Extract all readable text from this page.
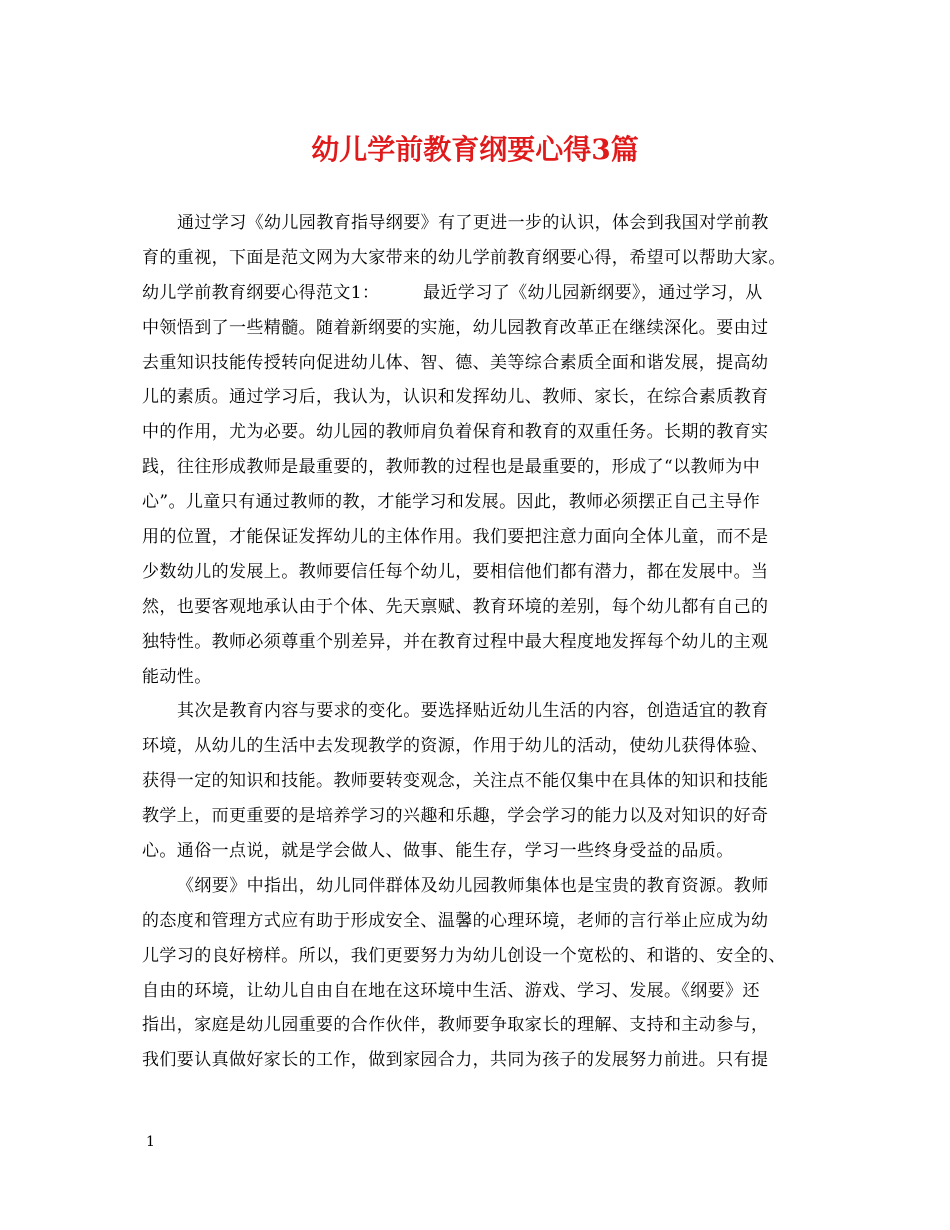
幼儿学前教育纲要心得3篇
通过学习《幼儿园教育指导纲要》有了更进一步的认识，体会到我国对学前教
育的重视，下面是范文网为大家带来的幼儿学前教育纲要心得，希望可以帮助大家。
幼儿学前教育纲要心得范文1：　　　最近学习了《幼儿园新纲要》，通过学习，从
中领悟到了一些精髓。随着新纲要的实施，幼儿园教育改革正在继续深化。要由过
去重知识技能传授转向促进幼儿体、智、德、美等综合素质全面和谐发展，提高幼
儿的素质。通过学习后，我认为，认识和发挥幼儿、教师、家长，在综合素质教育
中的作用，尤为必要。幼儿园的教师肩负着保育和教育的双重任务。长期的教育实
践，往往形成教师是最重要的，教师教的过程也是最重要的，形成了“以教师为中
心”。儿童只有通过教师的教，才能学习和发展。因此，教师必须摆正自己主导作
用的位置，才能保证发挥幼儿的主体作用。我们要把注意力面向全体儿童，而不是
少数幼儿的发展上。教师要信任每个幼儿，要相信他们都有潜力，都在发展中。当
然，也要客观地承认由于个体、先天禀赋、教育环境的差别，每个幼儿都有自己的
独特性。教师必须尊重个别差异，并在教育过程中最大程度地发挥每个幼儿的主观
能动性。
其次是教育内容与要求的变化。要选择贴近幼儿生活的内容，创造适宜的教育
环境，从幼儿的生活中去发现教学的资源，作用于幼儿的活动，使幼儿获得体验、
获得一定的知识和技能。教师要转变观念，关注点不能仅集中在具体的知识和技能
教学上，而更重要的是培养学习的兴趣和乐趣，学会学习的能力以及对知识的好奇
心。通俗一点说，就是学会做人、做事、能生存，学习一些终身受益的品质。
《纲要》中指出，幼儿同伴群体及幼儿园教师集体也是宝贵的教育资源。教师
的态度和管理方式应有助于形成安全、温馨的心理环境，老师的言行举止应成为幼
儿学习的良好榜样。所以，我们更要努力为幼儿创设一个宽松的、和谐的、安全的、
自由的环境，让幼儿自由自在地在这环境中生活、游戏、学习、发展。《纲要》还
指出，家庭是幼儿园重要的合作伙伴，教师要争取家长的理解、支持和主动参与，
我们要认真做好家长的工作，做到家园合力，共同为孩子的发展努力前进。只有提
1
